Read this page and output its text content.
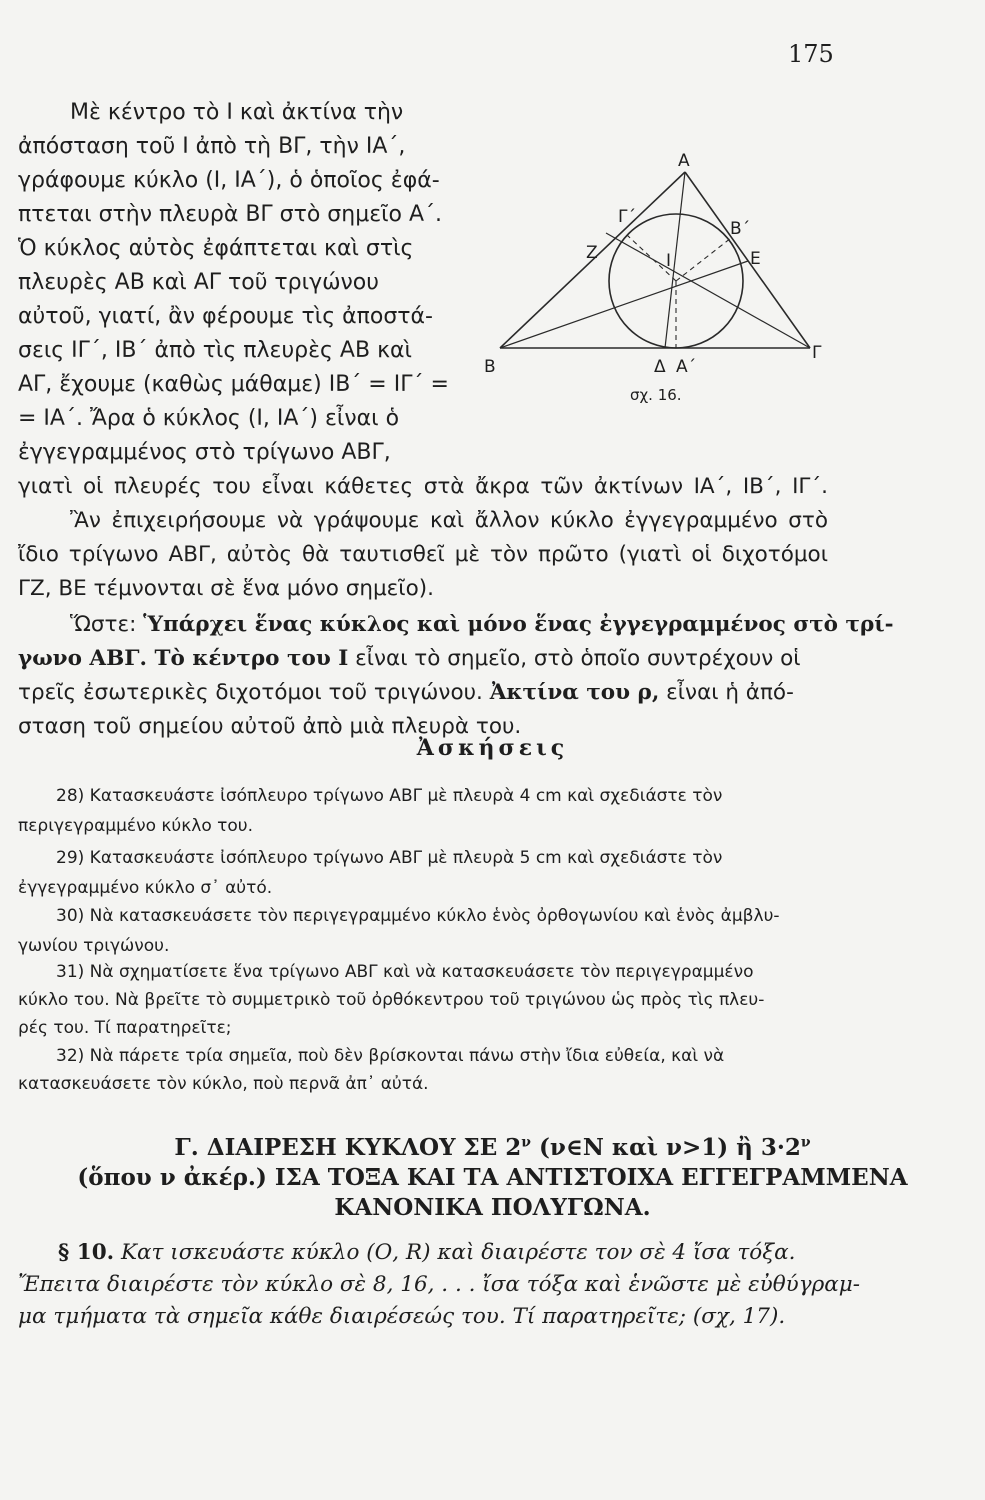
175
Μὲ κέντρο τὸ Ι καὶ ἀκτίνα τὴν
ἀπόσταση τοῦ Ι ἀπὸ τὴ ΒΓ, τὴν ΙΑ΄,
γράφουμε κύκλο (Ι, ΙΑ΄), ὁ ὁποῖος ἐφά-
πτεται στὴν πλευρὰ ΒΓ στὸ σημεῖο Α΄.
Ὁ κύκλος αὐτὸς ἐφάπτεται καὶ στὶς
πλευρὲς ΑΒ καὶ ΑΓ τοῦ τριγώνου
αὐτοῦ, γιατί, ἂν φέρουμε τὶς ἀποστά-
σεις ΙΓ΄, ΙΒ΄ ἀπὸ τὶς πλευρὲς ΑΒ καὶ
ΑΓ, ἔχουμε (καθὼς μάθαμε) ΙΒ΄ = ΙΓ΄ =
= ΙΑ΄. Ἄρα ὁ κύκλος (Ι, ΙΑ΄) εἶναι ὁ
ἐγγεγραμμένος στὸ τρίγωνο ΑΒΓ,
Α
Β
Γ
Γ΄
Β΄
Ζ	Ε
Ι
Δ Α΄
σχ. 16.
γιατὶ οἱ πλευρές του εἶναι κάθετες στὰ ἄκρα τῶν ἀκτίνων ΙΑ΄, ΙΒ΄, ΙΓ΄.
Ἂν ἐπιχειρήσουμε νὰ γράψουμε καὶ ἄλλον κύκλο ἐγγεγραμμένο στὸ
ἴδιο τρίγωνο ΑΒΓ, αὐτὸς θὰ ταυτισθεῖ μὲ τὸν πρῶτο (γιατὶ οἱ διχοτόμοι
ΓΖ, ΒΕ τέμνονται σὲ ἕνα μόνο σημεῖο).
Ὥστε: Ὑπάρχει ἕνας κύκλος καὶ μόνο ἕνας ἐγγεγραμμένος στὸ τρί-
γωνο ΑΒΓ. Τὸ κέντρο του Ι εἶναι τὸ σημεῖο, στὸ ὁποῖο συντρέχουν οἱ
τρεῖς ἐσωτερικὲς διχοτόμοι τοῦ τριγώνου. Ἀκτίνα του ρ, εἶναι ἡ ἀπό-
σταση τοῦ σημείου αὐτοῦ ἀπὸ μιὰ πλευρὰ του.
Ἀσκήσεις
28) Κατασκευάστε ἰσόπλευρο τρίγωνο ΑΒΓ μὲ πλευρὰ 4 cm καὶ σχεδιάστε τὸν
περιγεγραμμένο κύκλο του.
29) Κατασκευάστε ἰσόπλευρο τρίγωνο ΑΒΓ μὲ πλευρὰ 5 cm καὶ σχεδιάστε τὸν
ἐγγεγραμμένο κύκλο σ᾽ αὐτό.
30) Νὰ κατασκευάσετε τὸν περιγεγραμμένο κύκλο ἑνὸς ὀρθογωνίου καὶ ἑνὸς ἀμβλυ-
γωνίου τριγώνου.
31) Νὰ σχηματίσετε ἕνα τρίγωνο ΑΒΓ καὶ νὰ κατασκευάσετε τὸν περιγεγραμμένο
κύκλο του. Νὰ βρεῖτε τὸ συμμετρικὸ τοῦ ὀρθόκεντρου τοῦ τριγώνου ὡς πρὸς τὶς πλευ-
ρές του. Τί παρατηρεῖτε;
32) Νὰ πάρετε τρία σημεῖα, ποὺ δὲν βρίσκονται πάνω στὴν ἴδια εὐθεία, καὶ νὰ
κατασκευάσετε τὸν κύκλο, ποὺ περνᾶ ἀπ᾽ αὐτά.
Γ. ΔΙΑΙΡΕΣΗ ΚΥΚΛΟΥ ΣΕ $2^\nu$ (ν∈Ν καὶ ν>1) ἢ $3\cdot 2^\nu$
(ὅπου ν ἀκέρ.) ΙΣΑ ΤΟΞΑ ΚΑΙ ΤΑ ΑΝΤΙΣΤΟΙΧΑ ΕΓΓΕΓΡΑΜΜΕΝΑ
ΚΑΝΟΝΙΚΑ ΠΟΛΥΓΩΝΑ.
§ 10. Κατ ισκευάστε κύκλο (Ο, R) καὶ διαιρέστε τον σὲ 4 ἴσα τόξα.
Ἔπειτα διαιρέστε τὸν κύκλο σὲ 8, 16, . . . ἴσα τόξα καὶ ἑνῶστε μὲ εὐθύγραμ-
μα τμήματα τὰ σημεῖα κάθε διαιρέσεώς του. Τί παρατηρεῖτε; (σχ, 17).
